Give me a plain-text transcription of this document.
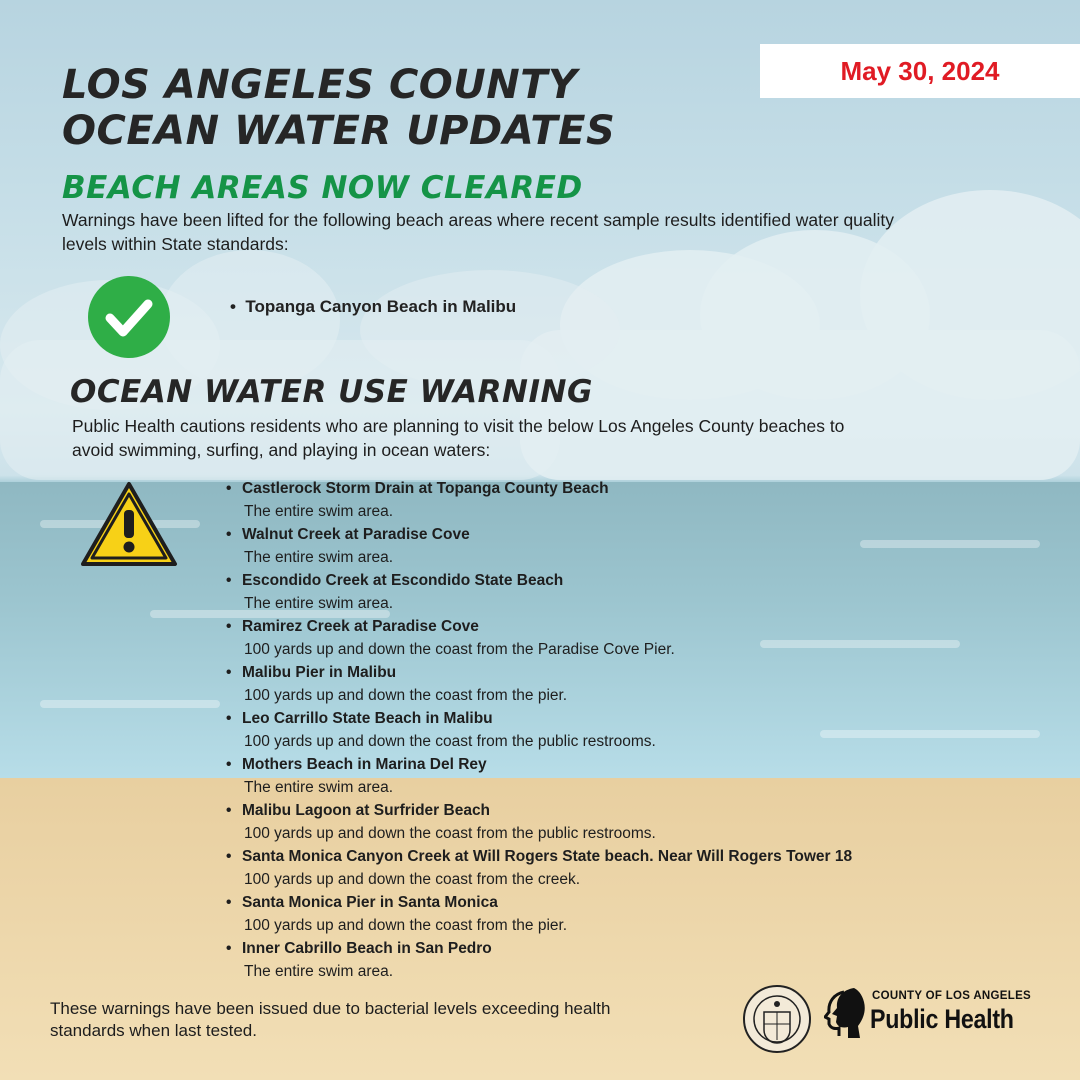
LOS ANGELES COUNTY
OCEAN WATER UPDATES
May 30, 2024
BEACH AREAS NOW CLEARED
Warnings have been lifted for the following beach areas where recent sample results identified water quality levels within State standards:
•  Topanga Canyon Beach in Malibu
OCEAN WATER USE WARNING
Public Health cautions residents who are planning to visit the below Los Angeles County beaches to avoid swimming, surfing, and playing in ocean waters:
• Castlerock Storm Drain at Topanga County Beach
The entire swim area.
• Walnut Creek at Paradise Cove
The entire swim area.
• Escondido Creek at Escondido State Beach
The entire swim area.
• Ramirez Creek at Paradise Cove
100 yards up and down the coast from the Paradise Cove Pier.
• Malibu Pier in Malibu
100 yards up and down the coast from the pier.
• Leo Carrillo State Beach in Malibu
100 yards up and down the coast from the public restrooms.
• Mothers Beach in Marina Del Rey
The entire swim area.
• Malibu Lagoon at Surfrider Beach
100 yards up and down the coast from the public restrooms.
• Santa Monica Canyon Creek at Will Rogers State beach. Near Will Rogers Tower 18
100 yards up and down the coast from the creek.
• Santa Monica Pier in Santa Monica
100 yards up and down the coast from the pier.
• Inner Cabrillo Beach in San Pedro
The entire swim area.
These warnings have been issued due to bacterial levels exceeding health standards when last tested.
COUNTY OF LOS ANGELES
Public Health
